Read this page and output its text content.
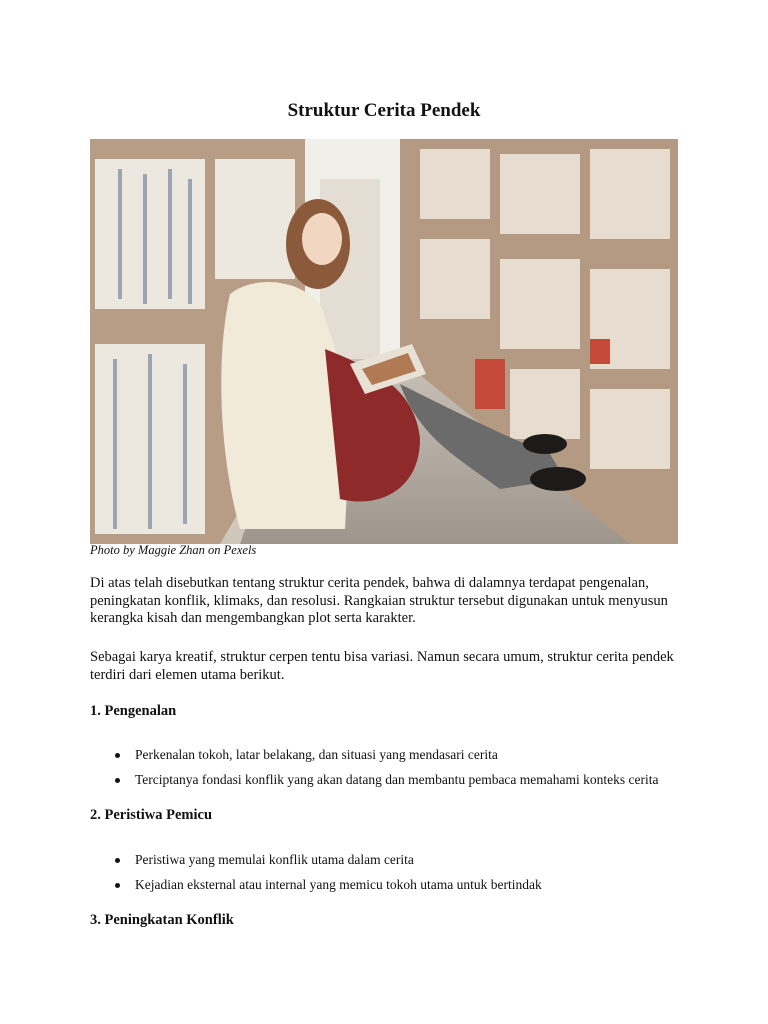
Struktur Cerita Pendek
Photo by Maggie Zhan on Pexels

Di atas telah disebutkan tentang struktur cerita pendek, bahwa di dalamnya terdapat pengenalan, peningkatan konflik, klimaks, dan resolusi. Rangkaian struktur tersebut digunakan untuk menyusun kerangka kisah dan mengembangkan plot serta karakter.

Sebagai karya kreatif, struktur cerpen tentu bisa variasi. Namun secara umum, struktur cerita pendek terdiri dari elemen utama berikut.

1. Pengenalan
Perkenalan tokoh, latar belakang, dan situasi yang mendasari cerita
Terciptanya fondasi konflik yang akan datang dan membantu pembaca memahami konteks cerita
2. Peristiwa Pemicu
Peristiwa yang memulai konflik utama dalam cerita
Kejadian eksternal atau internal yang memicu tokoh utama untuk bertindak
3. Peningkatan Konflik
